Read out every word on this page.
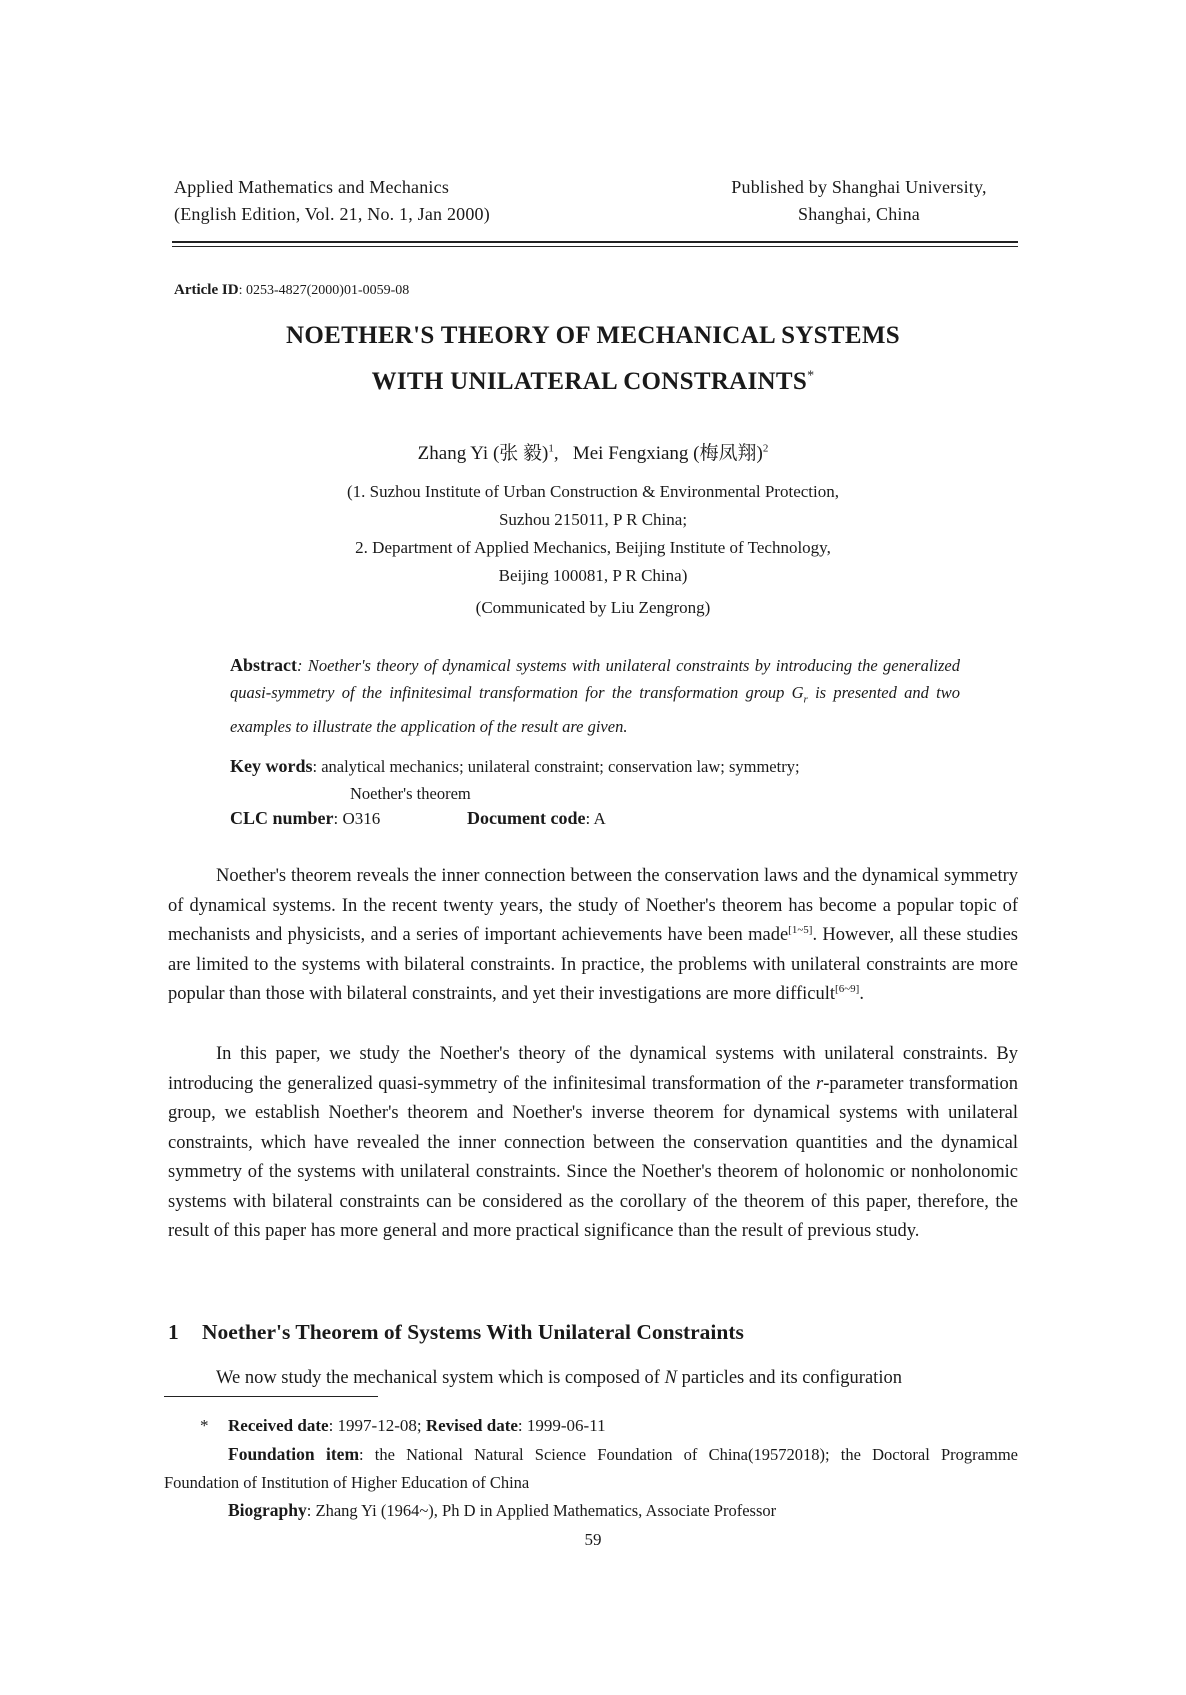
Applied Mathematics and Mechanics
(English Edition, Vol. 21, No. 1, Jan 2000)
Published by Shanghai University,
Shanghai, China
Article ID: 0253-4827(2000)01-0059-08
NOETHER'S THEORY OF MECHANICAL SYSTEMS
WITH UNILATERAL CONSTRAINTS*
Zhang Yi (张 毅)$^1$,   Mei Fengxiang (梅凤翔)$^2$
(1. Suzhou Institute of Urban Construction & Environmental Protection,
Suzhou 215011, P R China;
2. Department of Applied Mechanics, Beijing Institute of Technology,
Beijing 100081, P R China)
(Communicated by Liu Zengrong)
Abstract: Noether's theory of dynamical systems with unilateral constraints by introducing the generalized quasi-symmetry of the infinitesimal transformation for the transformation group $G_r$ is presented and two examples to illustrate the application of the result are given.
Key words: analytical mechanics; unilateral constraint; conservation law; symmetry;
Noether's theorem
CLC number: O316	Document code: A
Noether's theorem reveals the inner connection between the conservation laws and the dynamical symmetry of dynamical systems. In the recent twenty years, the study of Noether's theorem has become a popular topic of mechanists and physicists, and a series of important achievements have been made[1~5]. However, all these studies are limited to the systems with bilateral constraints. In practice, the problems with unilateral constraints are more popular than those with bilateral constraints, and yet their investigations are more difficult[6~9].
In this paper, we study the Noether's theory of the dynamical systems with unilateral constraints. By introducing the generalized quasi-symmetry of the infinitesimal transformation of the r-parameter transformation group, we establish Noether's theorem and Noether's inverse theorem for dynamical systems with unilateral constraints, which have revealed the inner connection between the conservation quantities and the dynamical symmetry of the systems with unilateral constraints. Since the Noether's theorem of holonomic or nonholonomic systems with bilateral constraints can be considered as the corollary of the theorem of this paper, therefore, the result of this paper has more general and more practical significance than the result of previous study.
1 Noether's Theorem of Systems With Unilateral Constraints
We now study the mechanical system which is composed of N particles and its configuration
* Received date: 1997-12-08; Revised date: 1999-06-11
Foundation item: the National Natural Science Foundation of China(19572018); the Doctoral Programme Foundation of Institution of Higher Education of China
Biography: Zhang Yi (1964~), Ph D in Applied Mathematics, Associate Professor
59
